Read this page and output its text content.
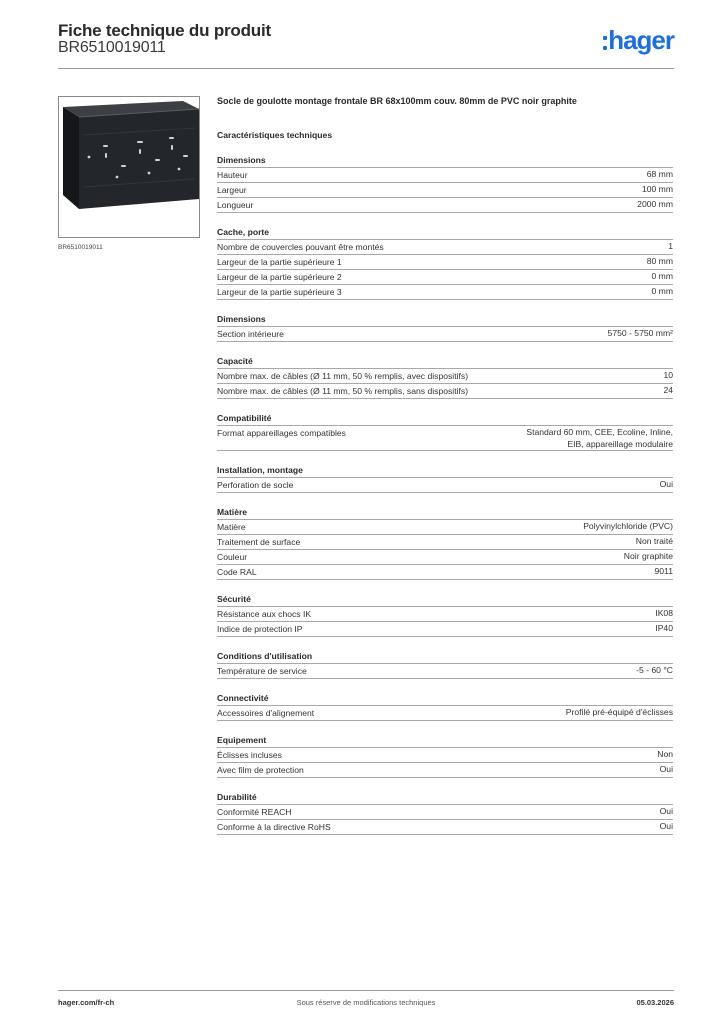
Fiche technique du produit
BR6510019011	hager
BR6510019011
Socle de goulotte montage frontale BR 68x100mm couv. 80mm de PVC noir graphite
Caractéristiques techniques
Dimensions
Hauteur	68 mm
Largeur	100 mm
Longueur	2000 mm
Cache, porte
Nombre de couvercles pouvant être montés	1
Largeur de la partie supérieure 1	80 mm
Largeur de la partie supérieure 2	0 mm
Largeur de la partie supérieure 3	0 mm
Dimensions
Section intérieure	5750 - 5750 mm²
Capacité
Nombre max. de câbles (Ø 11 mm, 50 % remplis, avec dispositifs)	10
Nombre max. de câbles (Ø 11 mm, 50 % remplis, sans dispositifs)	24
Compatibilité
Format appareillages compatibles	Standard 60 mm, CEE, Ecoline, Inline,
EIB, appareillage modulaire
Installation, montage
Perforation de socle	Oui
Matière
Matière	Polyvinylchloride (PVC)
Traitement de surface	Non traité
Couleur	Noir graphite
Code RAL	9011
Sécurité
Résistance aux chocs IK	IK08
Indice de protection IP	IP40
Conditions d'utilisation
Température de service	-5 - 60 °C
Connectivité
Accessoires d'alignement	Profilé pré-équipé d'éclisses
Equipement
Éclisses incluses	Non
Avec film de protection	Oui
Durabilité
Conformité REACH	Oui
Conforme à la directive RoHS	Oui
hager.com/fr-ch	Sous réserve de modifications techniques	05.03.2026
